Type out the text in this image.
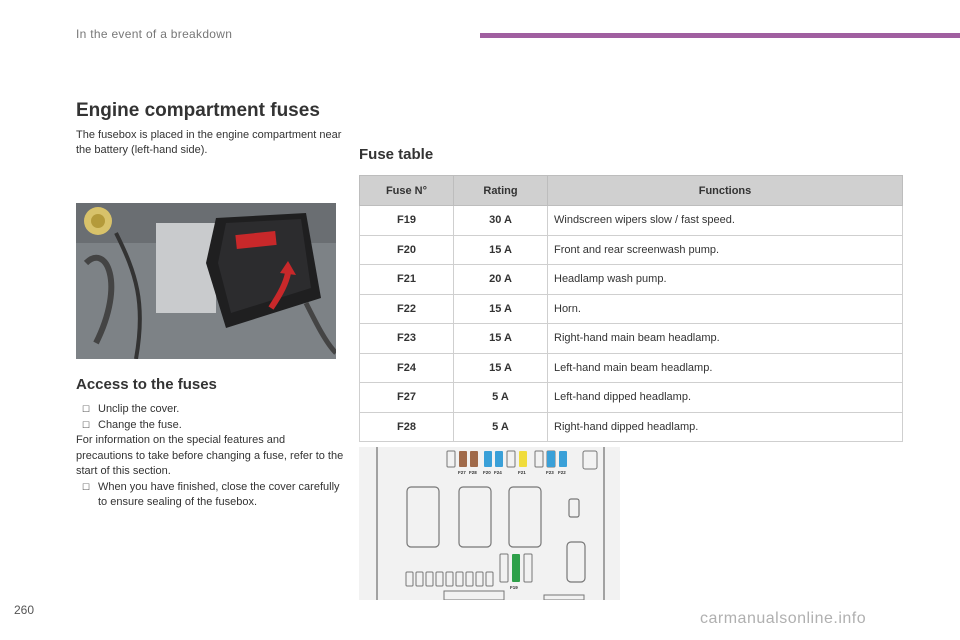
In the event of a breakdown
Engine compartment fuses

The fusebox is placed in the engine compartment near the battery (left-hand side).

Access to the fuses
☐ Unclip the cover.
☐ Change the fuse.
For information on the special features and precautions to take before changing a fuse, refer to the start of this section.
☐ When you have finished, close the cover carefully to ensure sealing of the fusebox.
Fuse table
Fuse N°	Rating	Functions
F19	30 A	Windscreen wipers slow / fast speed.
F20	15 A	Front and rear screenwash pump.
F21	20 A	Headlamp wash pump.
F22	15 A	Horn.
F23	15 A	Right-hand main beam headlamp.
F24	15 A	Left-hand main beam headlamp.
F27	5 A	Left-hand dipped headlamp.
F28	5 A	Right-hand dipped headlamp.
F27 F28 F20 F24	F21	F23 F22
F19
260	carmanualsonline.info
